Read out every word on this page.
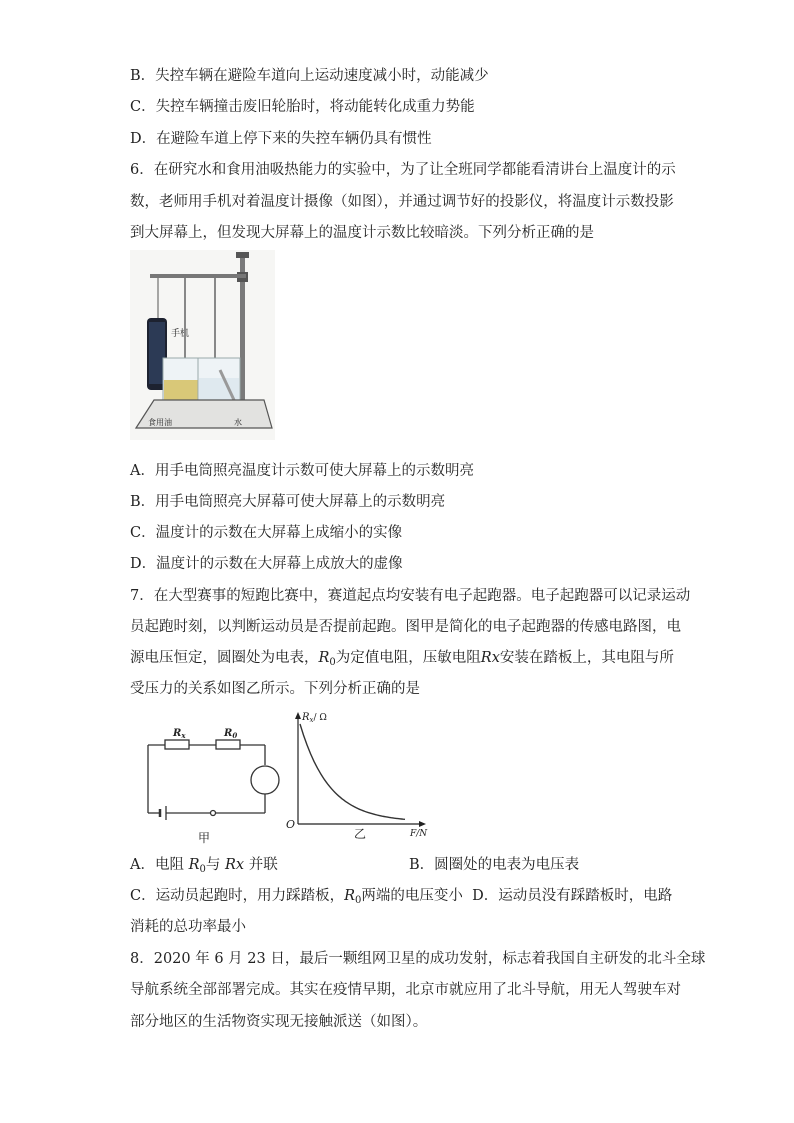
B．失控车辆在避险车道向上运动速度减小时，动能减少
C．失控车辆撞击废旧轮胎时，将动能转化成重力势能
D．在避险车道上停下来的失控车辆仍具有惯性
6．在研究水和食用油吸热能力的实验中，为了让全班同学都能看清讲台上温度计的示
数，老师用手机对着温度计摄像（如图），并通过调节好的投影仪，将温度计示数投影
到大屏幕上，但发现大屏幕上的温度计示数比较暗淡。下列分析正确的是
手机
食用油	水
A．用手电筒照亮温度计示数可使大屏幕上的示数明亮
B．用手电筒照亮大屏幕可使大屏幕上的示数明亮
C．温度计的示数在大屏幕上成缩小的实像
D．温度计的示数在大屏幕上成放大的虚像
7．在大型赛事的短跑比赛中，赛道起点均安装有电子起跑器。电子起跑器可以记录运动
员起跑时刻，以判断运动员是否提前起跑。图甲是简化的电子起跑器的传感电路图，电
源电压恒定，圆圈处为电表，$R_0$为定值电阻，压敏电阻Rx安装在踏板上，其电阻与所
受压力的关系如图乙所示。下列分析正确的是
$R_x$	$R_0$
甲
$R_x/$ Ω
O
乙	F/N
A．电阻 $R_0$与 Rx 并联	B．圆圈处的电表为电压表
C．运动员起跑时，用力踩踏板，$R_0$两端的电压变小 D．运动员没有踩踏板时，电路
消耗的总功率最小
8．2020 年 6 月 23 日，最后一颗组网卫星的成功发射，标志着我国自主研发的北斗全球
导航系统全部部署完成。其实在疫情早期，北京市就应用了北斗导航，用无人驾驶车对
部分地区的生活物资实现无接触派送（如图）。
